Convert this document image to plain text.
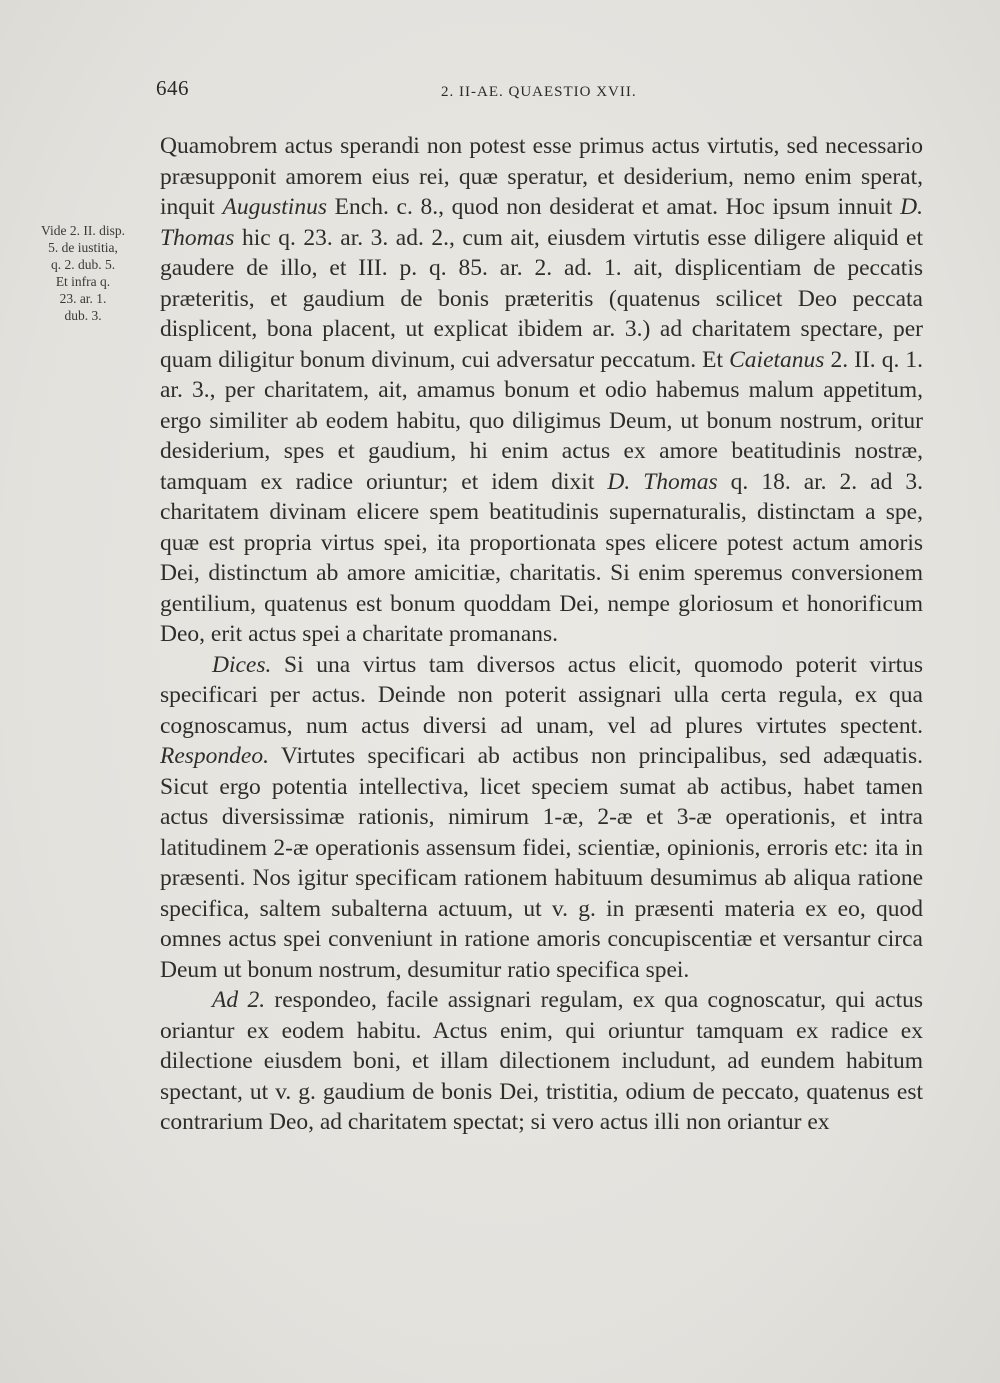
646	2. II-AE. QUAESTIO XVII.
Vide 2. II. disp.
5. de iustitia,
q. 2. dub. 5.
Et infra q.
23. ar. 1.
dub. 3.

Quamobrem actus sperandi non potest esse primus actus virtutis, sed necessario præsupponit amorem eius rei, quæ speratur, et desiderium, nemo enim sperat, inquit Augustinus Ench. c. 8., quod non desiderat et amat. Hoc ipsum innuit D. Thomas hic q. 23. ar. 3. ad. 2., cum ait, eiusdem virtutis esse diligere aliquid et gaudere de illo, et III. p. q. 85. ar. 2. ad. 1. ait, displicentiam de peccatis præteritis, et gaudium de bonis præteritis (quatenus scilicet Deo peccata displicent, bona placent, ut explicat ibidem ar. 3.) ad charitatem spectare, per quam diligitur bonum divinum, cui adversatur peccatum. Et Caietanus 2. II. q. 1. ar. 3., per charitatem, ait, amamus bonum et odio habemus malum appetitum, ergo similiter ab eodem habitu, quo diligimus Deum, ut bonum nostrum, oritur desiderium, spes et gaudium, hi enim actus ex amore beatitudinis nostræ, tamquam ex radice oriuntur; et idem dixit D. Thomas q. 18. ar. 2. ad 3. charitatem divinam elicere spem beatitudinis supernaturalis, distinctam a spe, quæ est propria virtus spei, ita proportionata spes elicere potest actum amoris Dei, distinctum ab amore amicitiæ, charitatis. Si enim speremus conversionem gentilium, quatenus est bonum quoddam Dei, nempe gloriosum et honorificum Deo, erit actus spei a charitate promanans.

Dices. Si una virtus tam diversos actus elicit, quomodo poterit virtus specificari per actus. Deinde non poterit assignari ulla certa regula, ex qua cognoscamus, num actus diversi ad unam, vel ad plures virtutes spectent. Respondeo. Virtutes specificari ab actibus non principalibus, sed adæquatis. Sicut ergo potentia intellectiva, licet speciem sumat ab actibus, habet tamen actus diversissimæ rationis, nimirum 1-æ, 2-æ et 3-æ operationis, et intra latitudinem 2-æ operationis assensum fidei, scientiæ, opinionis, erroris etc: ita in præsenti. Nos igitur specificam rationem habituum desumimus ab aliqua ratione specifica, saltem subalterna actuum, ut v. g. in præsenti materia ex eo, quod omnes actus spei conveniunt in ratione amoris concupiscentiæ et versantur circa Deum ut bonum nostrum, desumitur ratio specifica spei.

Ad 2. respondeo, facile assignari regulam, ex qua cognoscatur, qui actus oriantur ex eodem habitu. Actus enim, qui oriuntur tamquam ex radice ex dilectione eiusdem boni, et illam dilectionem includunt, ad eundem habitum spectant, ut v. g. gaudium de bonis Dei, tristitia, odium de peccato, quatenus est contrarium Deo, ad charitatem spectat; si vero actus illi non oriantur ex
